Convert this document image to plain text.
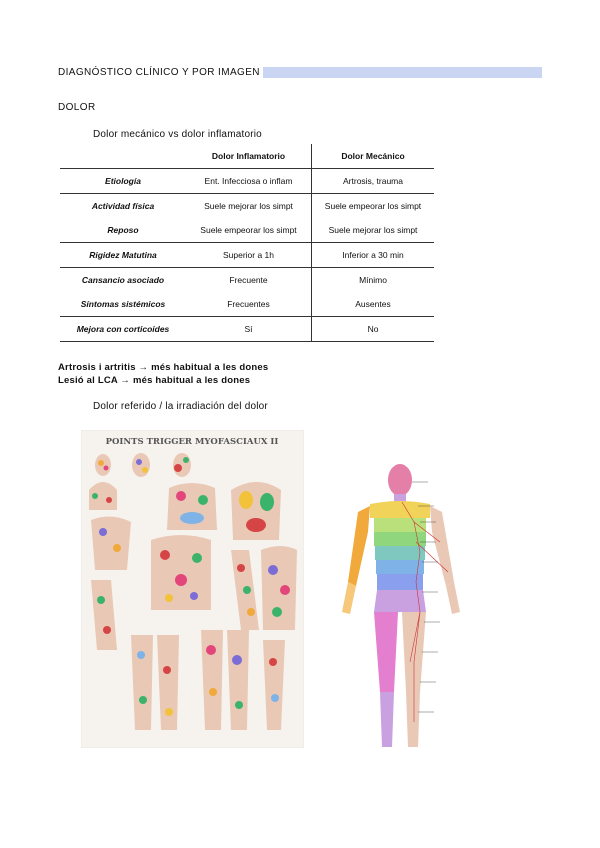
DIAGNÓSTICO CLÍNICO Y POR IMAGEN
DOLOR
Dolor mecánico vs dolor inflamatorio
	Dolor Inflamatorio	Dolor Mecánico
Etiología	Ent. Infecciosa o inflam	Artrosis, trauma
Actividad física	Suele mejorar los simpt	Suele empeorar los simpt
Reposo	Suele empeorar los simpt	Suele mejorar los simpt
Rigidez Matutina	Superior a 1h	Inferior a 30 min
Cansancio asociado	Frecuente	Mínimo
Síntomas sistémicos	Frecuentes	Ausentes
Mejora con corticoides	Sí	No
Artrosis i artritis → més habitual a les dones
Lesió al LCA → més habitual a les dones
Dolor referido / la irradiación del dolor
POINTS TRIGGER MYOFASCIAUX II
